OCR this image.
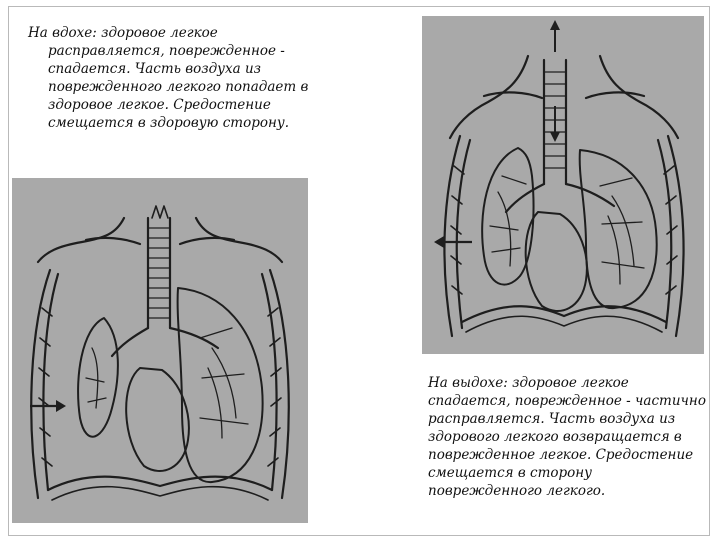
На вдохе: здоровое легкое расправляется, поврежденное - спадается. Часть воздуха из поврежденного легкого попадает в здоровое легкое. Средостение смещается в здоровую сторону.

На выдохе: здоровое легкое спадается, поврежденное - частично расправляется. Часть воздуха из здорового легкого возвращается в поврежденное легкое. Средостение смещается в сторону поврежденного легкого.
